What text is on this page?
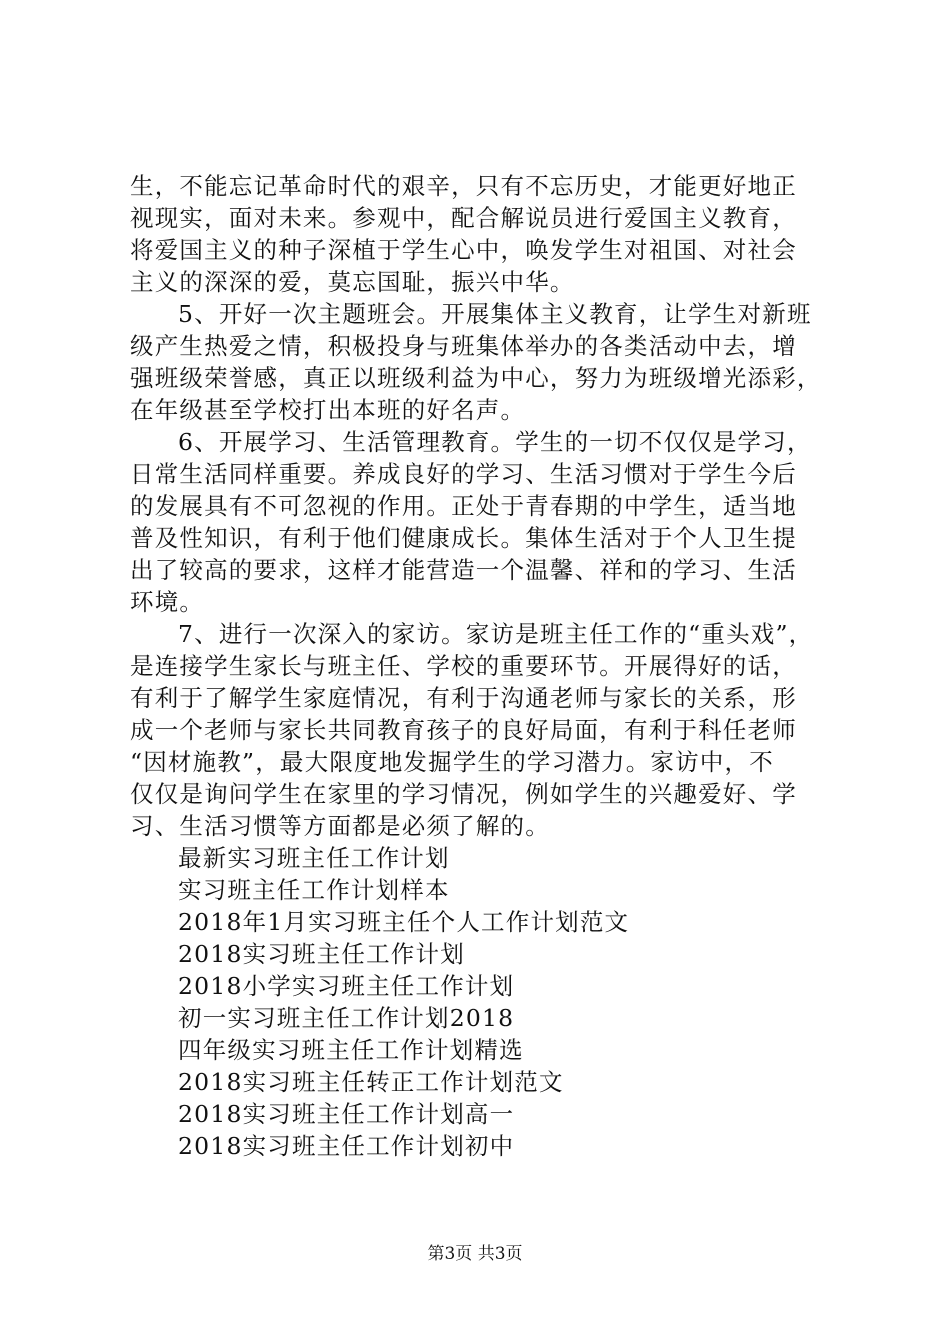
生，不能忘记革命时代的艰辛，只有不忘历史，才能更好地正
视现实，面对未来。参观中，配合解说员进行爱国主义教育，
将爱国主义的种子深植于学生心中，唤发学生对祖国、对社会
主义的深深的爱，莫忘国耻，振兴中华。
5、开好一次主题班会。开展集体主义教育，让学生对新班
级产生热爱之情，积极投身与班集体举办的各类活动中去，增
强班级荣誉感，真正以班级利益为中心，努力为班级增光添彩，
在年级甚至学校打出本班的好名声。
6、开展学习、生活管理教育。学生的一切不仅仅是学习，
日常生活同样重要。养成良好的学习、生活习惯对于学生今后
的发展具有不可忽视的作用。正处于青春期的中学生，适当地
普及性知识，有利于他们健康成长。集体生活对于个人卫生提
出了较高的要求，这样才能营造一个温馨、祥和的学习、生活
环境。
7、进行一次深入的家访。家访是班主任工作的“重头戏”，
是连接学生家长与班主任、学校的重要环节。开展得好的话，
有利于了解学生家庭情况，有利于沟通老师与家长的关系，形
成一个老师与家长共同教育孩子的良好局面，有利于科任老师
“因材施教”，最大限度地发掘学生的学习潜力。家访中，不
仅仅是询问学生在家里的学习情况，例如学生的兴趣爱好、学
习、生活习惯等方面都是必须了解的。
最新实习班主任工作计划
实习班主任工作计划样本
2018年1月实习班主任个人工作计划范文
2018实习班主任工作计划
2018小学实习班主任工作计划
初一实习班主任工作计划2018
四年级实习班主任工作计划精选
2018实习班主任转正工作计划范文
2018实习班主任工作计划高一
2018实习班主任工作计划初中
第3页 共3页
